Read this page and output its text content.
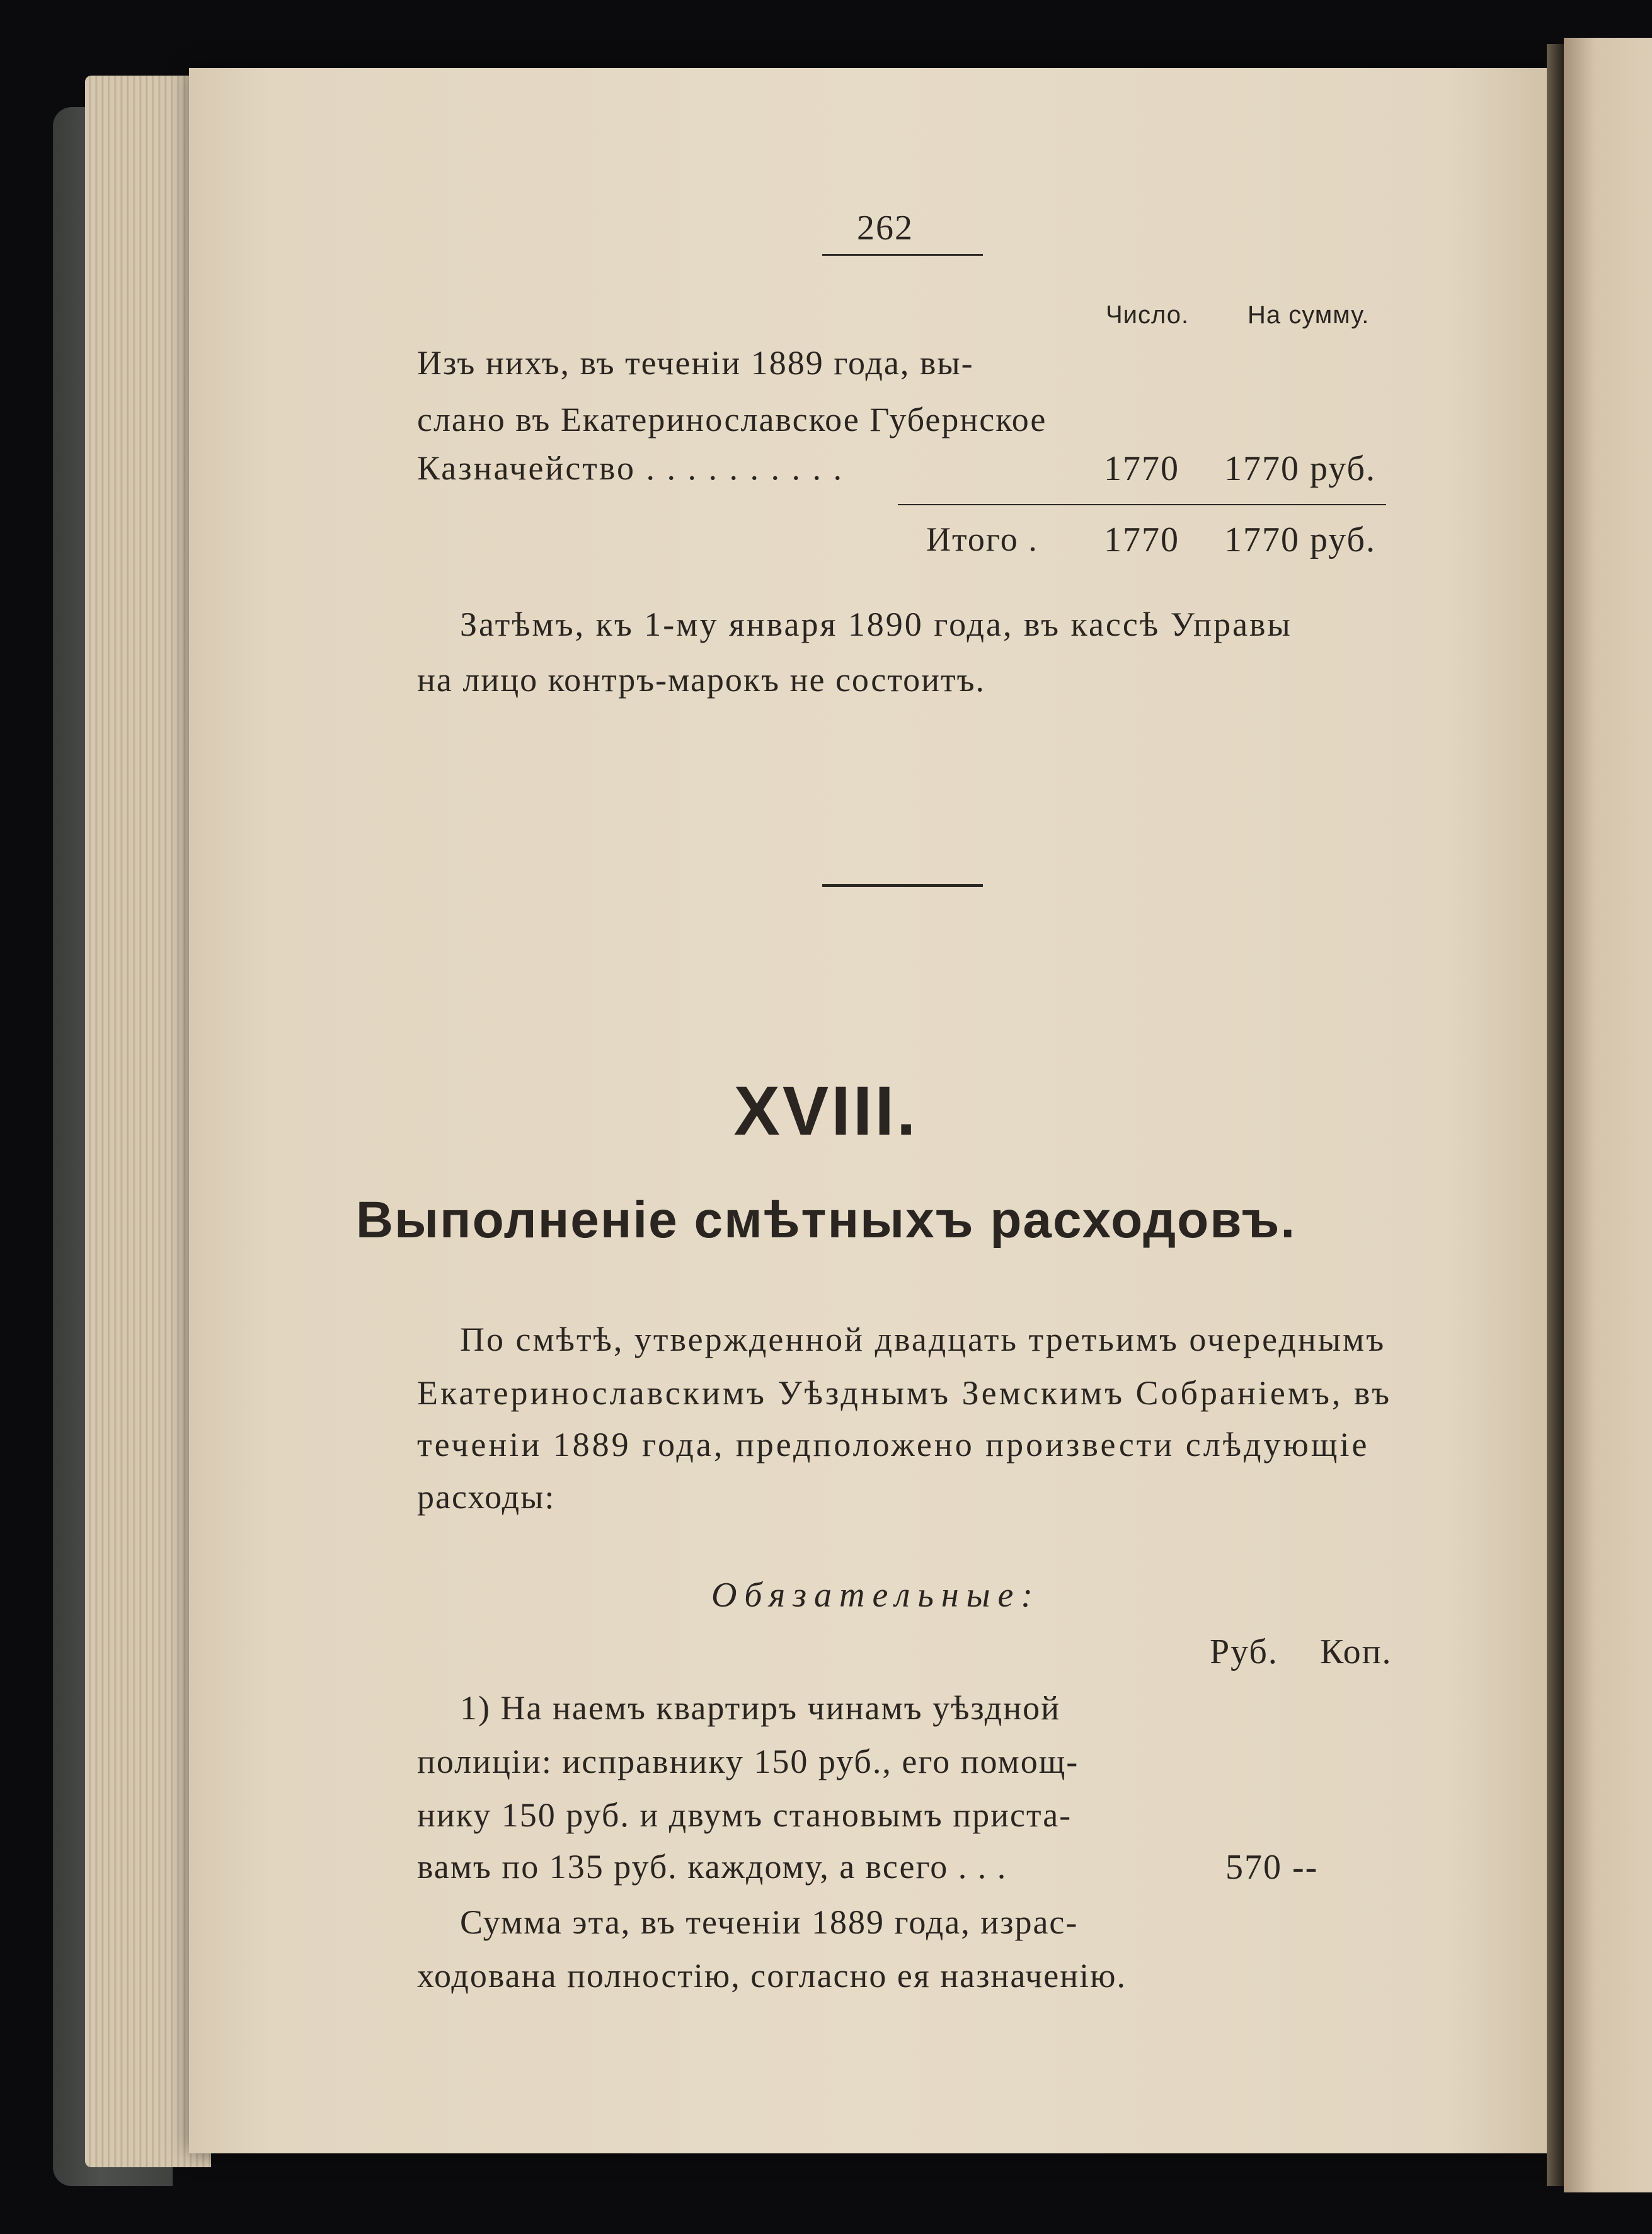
262
Число. На сумму.
Изъ нихъ, въ теченіи 1889 года, вы-
слано въ Екатеринославское Губернское
Казначейство . . . . . . . . . .	1770 1770 руб.
Итого . 1770 1770 руб.
Затѣмъ, къ 1-му января 1890 года, въ кассѣ Управы
на лицо контръ-марокъ не состоитъ.
XVIII.
Выполненіе смѣтныхъ расходовъ.
По смѣтѣ, утвержденной двадцать третьимъ очереднымъ
Екатеринославскимъ Уѣзднымъ Земскимъ Собраніемъ, въ
теченіи 1889 года, предположено произвести слѣдующіе
расходы:
Обязательные:
Руб. Коп.
1) На наемъ квартиръ чинамъ уѣздной
полиціи: исправнику 150 руб., его помощ-
нику 150 руб. и двумъ становымъ приста-
вамъ по 135 руб. каждому, а всего . . .	570 --
Сумма эта, въ теченіи 1889 года, израс-
ходована полностію, согласно ея назначенію.
